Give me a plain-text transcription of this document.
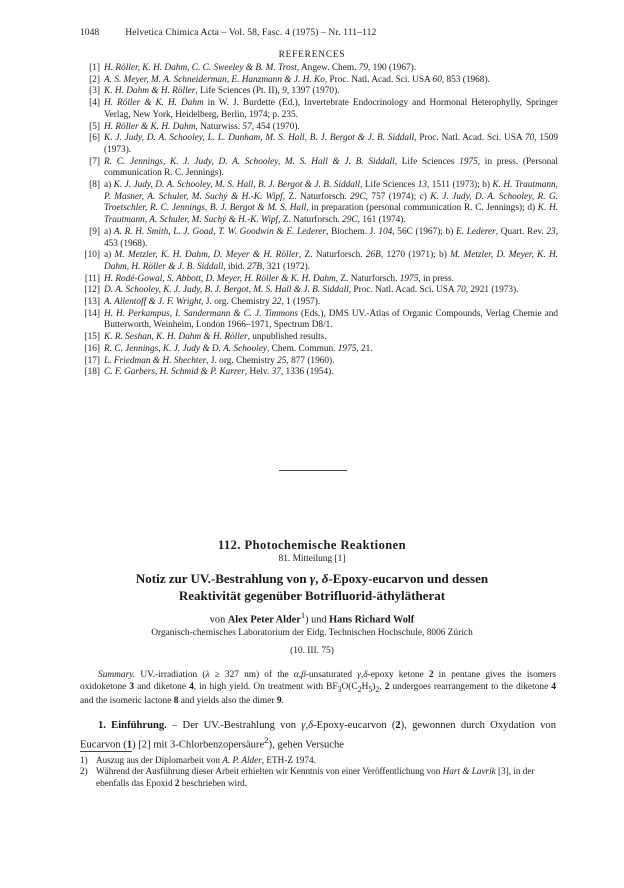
1048	Helvetica Chimica Acta – Vol. 58, Fasc. 4 (1975) – Nr. 111–112
REFERENCES
[1] H. Röller, K. H. Dahm, C. C. Sweeley & B. M. Trost, Angew. Chem. 79, 190 (1967).
[2] A. S. Meyer, M. A. Schneiderman, E. Hanzmann & J. H. Ko, Proc. Natl. Acad. Sci. USA 60, 853 (1968).
[3] K. H. Dahm & H. Röller, Life Sciences (Pt. II), 9, 1397 (1970).
[4] H. Röller & K. H. Dahm in W. J. Burdette (Ed.), Invertebrate Endocrinology and Hormonal Heterophylly, Springer Verlag, New York, Heidelberg, Berlin, 1974; p. 235.
[5] H. Röller & K. H. Dahm, Naturwiss. 57, 454 (1970).
[6] K. J. Judy, D. A. Schooley, L. L. Dunham, M. S. Hall, B. J. Bergot & J. B. Siddall, Proc. Natl. Acad. Sci. USA 70, 1509 (1973).
[7] R. C. Jennings, K. J. Judy, D. A. Schooley, M. S. Hall & J. B. Siddall, Life Sciences 1975, in press. (Personal communication R. C. Jennings).
[8] a) K. J. Judy, D. A. Schooley, M. S. Hall, B. J. Bergot & J. B. Siddall, Life Sciences 13, 1511 (1973); b) K. H. Trautmann, P. Masner, A. Schuler, M. Suchý & H.-K. Wipf, Z. Naturforsch. 29C, 757 (1974); c) K. J. Judy, D. A. Schooley, R. G. Troetschler, R. C. Jennings, B. J. Bergot & M. S. Hall, in preparation (personal communication R. C. Jennings); d) K. H. Trautmann, A. Schuler, M. Suchý & H.-K. Wipf, Z. Naturforsch. 29C, 161 (1974).
[9] a) A. R. H. Smith, L. J. Goad, T. W. Goodwin & E. Lederer, Biochem. J. 104, 56C (1967); b) E. Lederer, Quart. Rev. 23, 453 (1968).
[10] a) M. Metzler, K. H. Dahm, D. Meyer & H. Röller, Z. Naturforsch. 26B, 1270 (1971); b) M. Metzler, D. Meyer, K. H. Dahm, H. Röller & J. B. Siddall, ibid. 27B, 321 (1972).
[11] H. Rodé-Gowal, S. Abbott, D. Meyer, H. Röller & K. H. Dahm, Z. Naturforsch. 1975, in press.
[12] D. A. Schooley, K. J. Judy, B. J. Bergot, M. S. Hall & J. B. Siddall, Proc. Natl. Acad. Sci. USA 70, 2921 (1973).
[13] A. Allentoff & J. F. Wright, J. org. Chemistry 22, 1 (1957).
[14] H. H. Perkampus, I. Sandermann & C. J. Timmons (Eds.), DMS UV.-Atlas of Organic Compounds, Verlag Chemie and Butterworth, Weinheim, London 1966–1971, Spectrum D8/1.
[15] K. R. Seshan, K. H. Dahm & H. Röller, unpublished results.
[16] R. C. Jennings, K. J. Judy & D. A. Schooley, Chem. Commun. 1975, 21.
[17] L. Friedman & H. Shechter, J. org. Chemistry 25, 877 (1960).
[18] C. F. Garbers, H. Schmid & P. Karrer, Helv. 37, 1336 (1954).
112. Photochemische Reaktionen
81. Mitteilung [1]
Notiz zur UV.-Bestrahlung von γ, δ-Epoxy-eucarvon und dessen
Reaktivität gegenüber Botrifluorid-äthylätherat
von Alex Peter Alder$^1$) und Hans Richard Wolf
Organisch-chemisches Laboratorium der Eidg. Technischen Hochschule, 8006 Zürich
(10. III. 75)
Summary. UV.-irradiation (λ ≥ 327 nm) of the α,β-unsaturated γ,δ-epoxy ketone 2 in pentane gives the isomers oxidoketone 3 and diketone 4, in high yield. On treatment with $BF_3O(C_2H_5)_2$, 2 undergoes rearrangement to the diketone 4 and the isomeric lactone 8 and yields also the dimer 9.
1. Einführung. – Der UV.-Bestrahlung von γ,δ-Epoxy-eucarvon (2), gewonnen durch Oxydation von Eucarvon (1) [2] mit 3-Chlorbenzopersäure$^2$), gehen Versuche
1) Auszug aus der Diplomarbeit von A. P. Alder, ETH-Z 1974.
2) Während der Ausführung dieser Arbeit erhielten wir Kenntnis von einer Veröffentlichung von Hart & Lavrik [3], in der ebenfalls das Epoxid 2 beschrieben wird.
